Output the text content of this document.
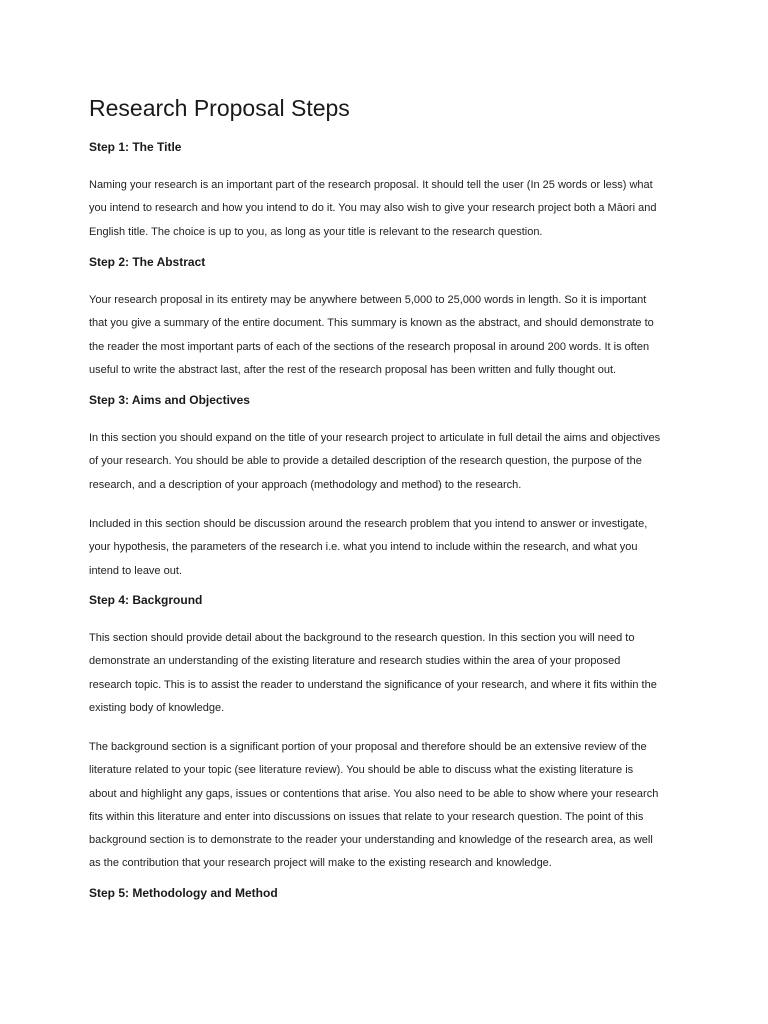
Research Proposal Steps
Step 1: The Title
Naming your research is an important part of the research proposal. It should tell the user (In 25 words or less) what
you intend to research and how you intend to do it. You may also wish to give your research project both a Māori and
English title. The choice is up to you, as long as your title is relevant to the research question.
Step 2: The Abstract
Your research proposal in its entirety may be anywhere between 5,000 to 25,000 words in length. So it is important
that you give a summary of the entire document. This summary is known as the abstract, and should demonstrate to
the reader the most important parts of each of the sections of the research proposal in around 200 words. It is often
useful to write the abstract last, after the rest of the research proposal has been written and fully thought out.
Step 3: Aims and Objectives
In this section you should expand on the title of your research project to articulate in full detail the aims and objectives
of your research. You should be able to provide a detailed description of the research question, the purpose of the
research, and a description of your approach (methodology and method) to the research.
Included in this section should be discussion around the research problem that you intend to answer or investigate,
your hypothesis, the parameters of the research i.e. what you intend to include within the research, and what you
intend to leave out.
Step 4: Background
This section should provide detail about the background to the research question. In this section you will need to
demonstrate an understanding of the existing literature and research studies within the area of your proposed
research topic. This is to assist the reader to understand the significance of your research, and where it fits within the
existing body of knowledge.
The background section is a significant portion of your proposal and therefore should be an extensive review of the
literature related to your topic (see literature review). You should be able to discuss what the existing literature is
about and highlight any gaps, issues or contentions that arise. You also need to be able to show where your research
fits within this literature and enter into discussions on issues that relate to your research question. The point of this
background section is to demonstrate to the reader your understanding and knowledge of the research area, as well
as the contribution that your research project will make to the existing research and knowledge.
Step 5: Methodology and Method
